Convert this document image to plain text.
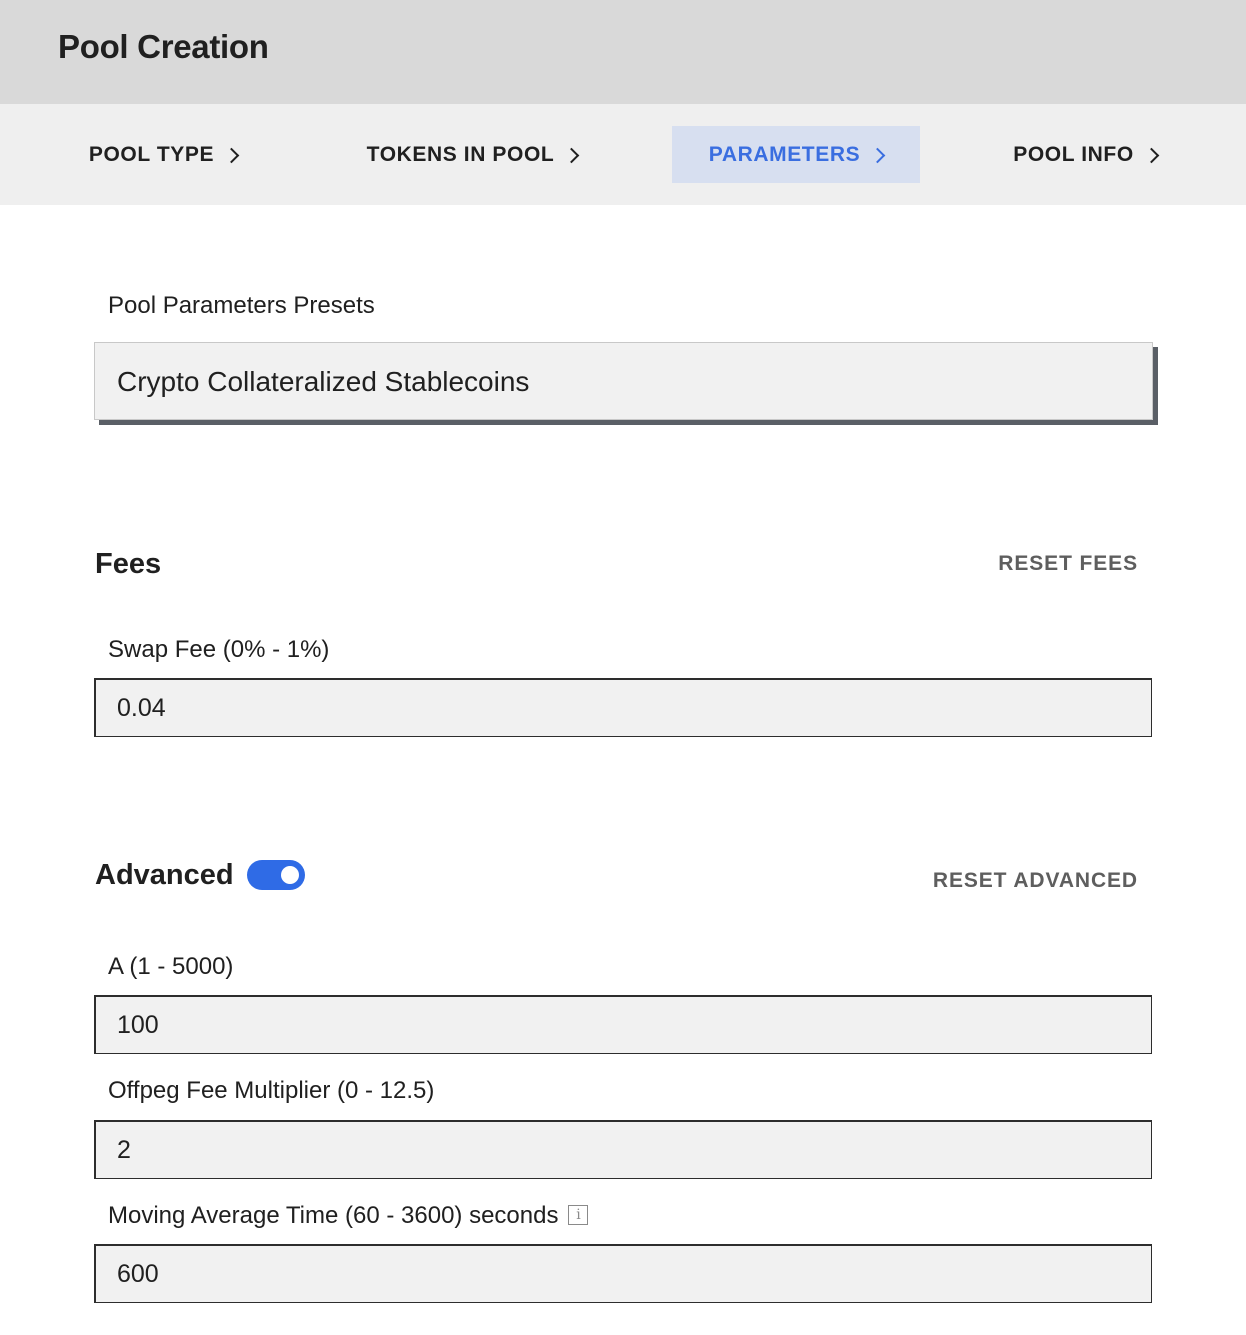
Pool Creation
POOL TYPE	TOKENS IN POOL	PARAMETERS	POOL INFO
Pool Parameters Presets
Crypto Collateralized Stablecoins
Fees	RESET FEES
Swap Fee (0% - 1%)
0.04
Advanced	RESET ADVANCED
A (1 - 5000)
100
Offpeg Fee Multiplier (0 - 12.5)
2
Moving Average Time (60 - 3600) seconds i
600
